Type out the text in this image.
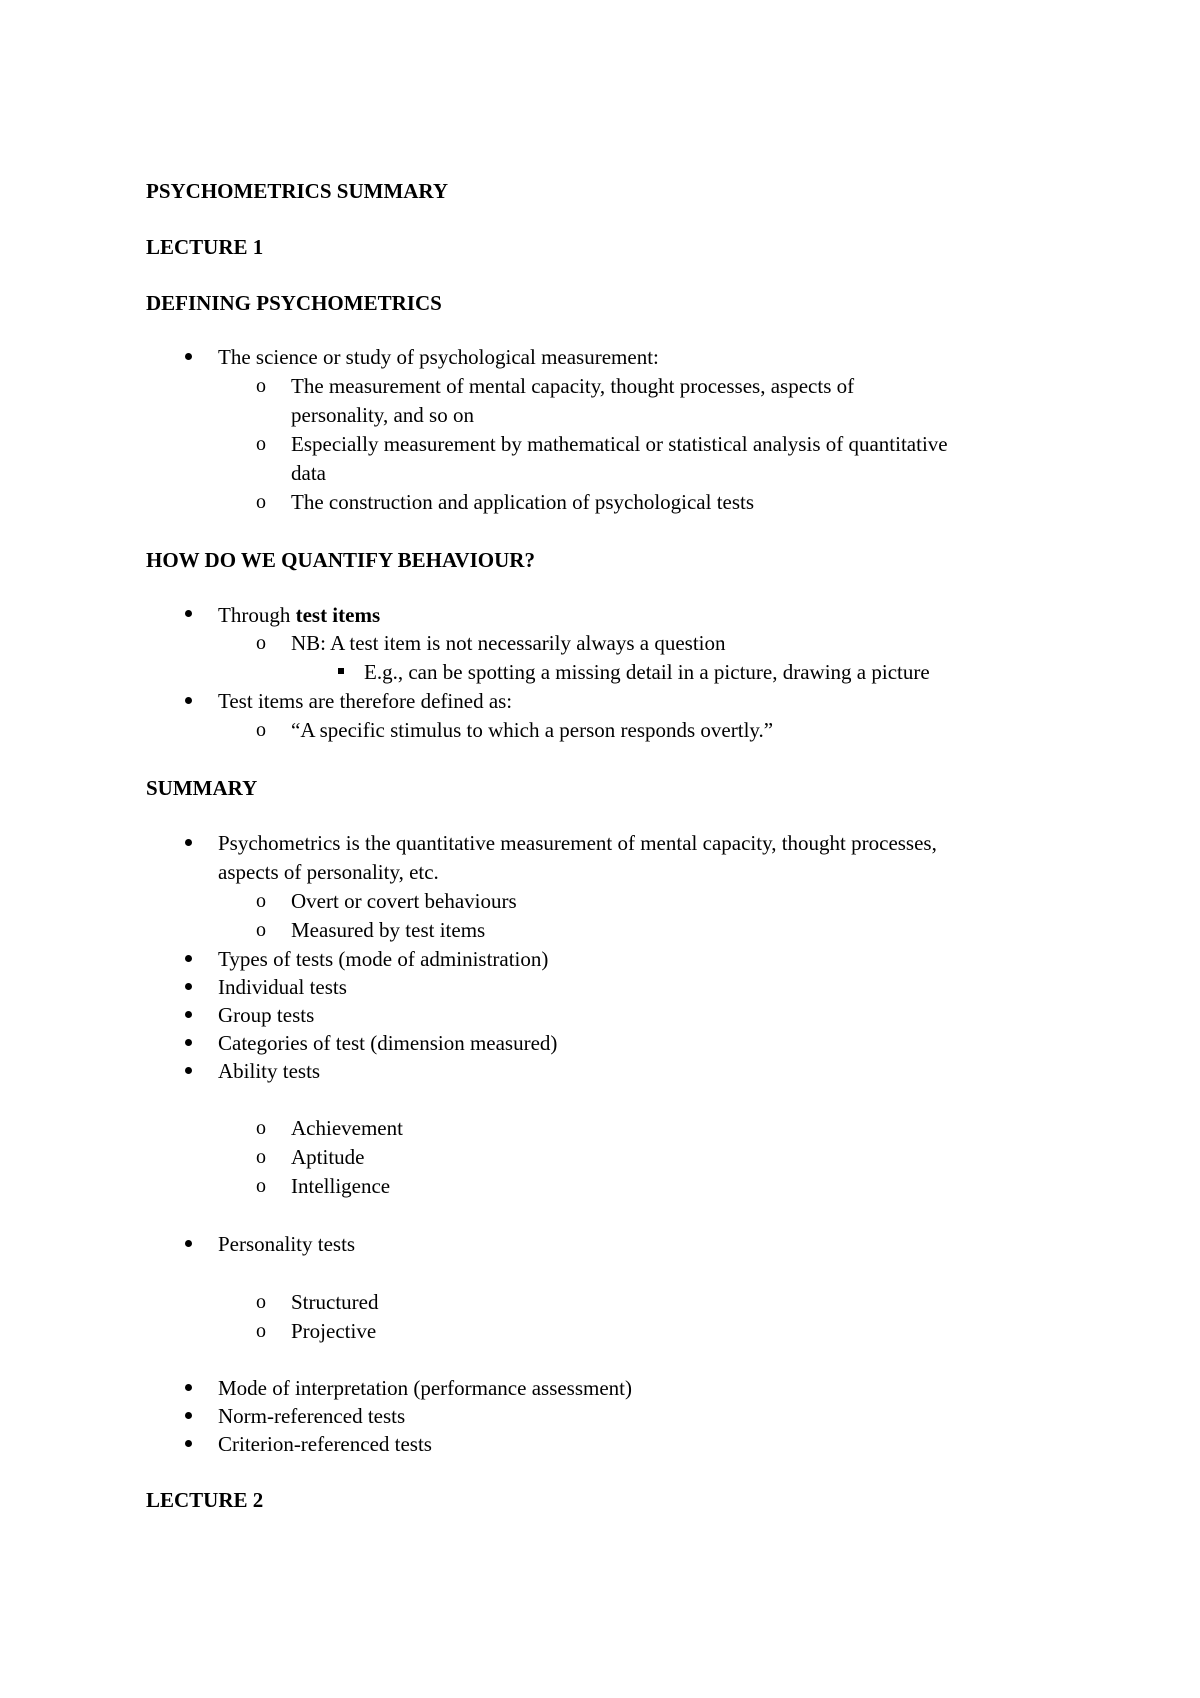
PSYCHOMETRICS SUMMARY
LECTURE 1
DEFINING PSYCHOMETRICS
The science or study of psychological measurement:
o The measurement of mental capacity, thought processes, aspects of
personality, and so on
o Especially measurement by mathematical or statistical analysis of quantitative
data
o The construction and application of psychological tests
HOW DO WE QUANTIFY BEHAVIOUR?
Through test items
o NB: A test item is not necessarily always a question
E.g., can be spotting a missing detail in a picture, drawing a picture
Test items are therefore defined as:
o “A specific stimulus to which a person responds overtly.”
SUMMARY
Psychometrics is the quantitative measurement of mental capacity, thought processes,
aspects of personality, etc.
o Overt or covert behaviours
o Measured by test items
Types of tests (mode of administration)
Individual tests
Group tests
Categories of test (dimension measured)
Ability tests
o Achievement
o Aptitude
o Intelligence
Personality tests
o Structured
o Projective
Mode of interpretation (performance assessment)
Norm-referenced tests
Criterion-referenced tests
LECTURE 2
